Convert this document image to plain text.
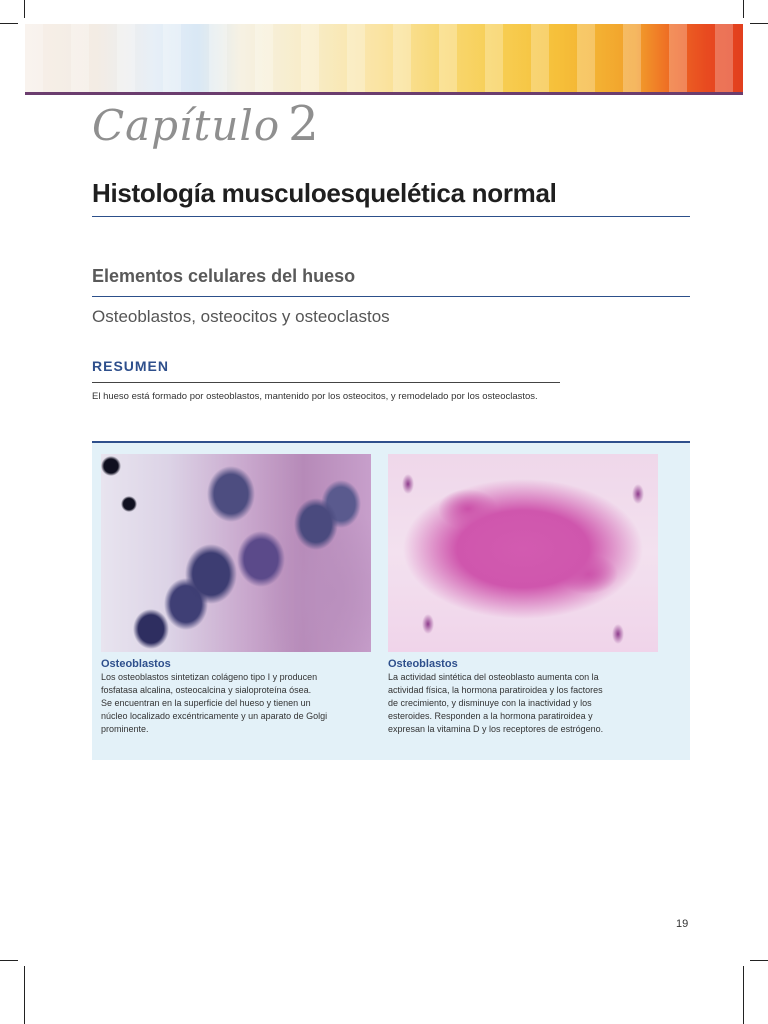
Capítulo 2
Histología musculoesquelética normal
Elementos celulares del hueso
Osteoblastos, osteocitos y osteoclastos
RESUMEN
El hueso está formado por osteoblastos, mantenido por los osteocitos, y remodelado por los osteoclastos.
Osteoblastos
Los osteoblastos sintetizan colágeno tipo I y producen
fosfatasa alcalina, osteocalcina y sialoproteína ósea.
Se encuentran en la superficie del hueso y tienen un
núcleo localizado excéntricamente y un aparato de Golgi
prominente.
Osteoblastos
La actividad sintética del osteoblasto aumenta con la
actividad física, la hormona paratiroidea y los factores
de crecimiento, y disminuye con la inactividad y los
esteroides. Responden a la hormona paratiroidea y
expresan la vitamina D y los receptores de estrógeno.
19
